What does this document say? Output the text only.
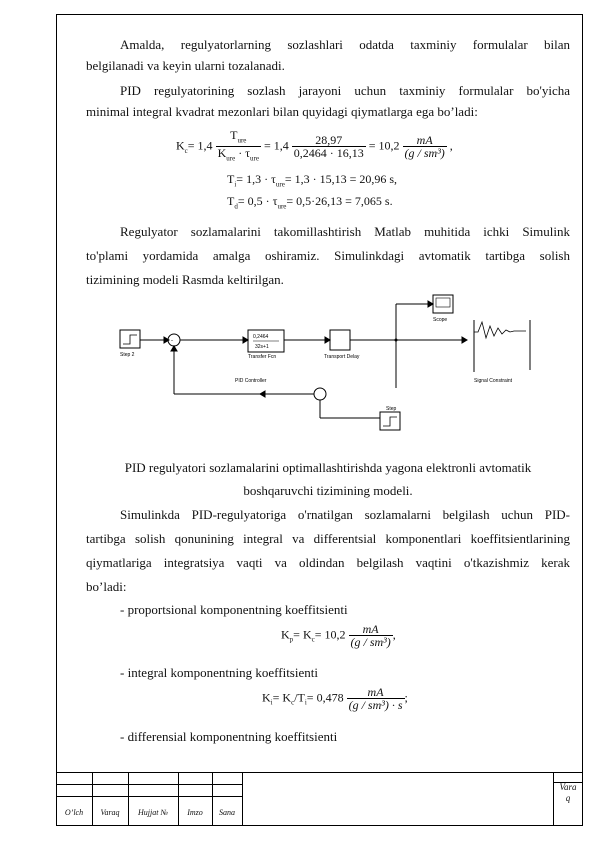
Amalda, regulyatorlarning sozlashlari odatda taxminiy formulalar bilan
belgilanadi va keyin ularni tozalanadi.
PID regulyatorining sozlash jarayoni uchun taxminiy formulalar bo'yicha
minimal integral kvadrat mezonlari bilan quyidagi qiymatlarga ega bo’ladi:
$K_c= 1,4 \frac{T_{ure}}{K_{ure} \cdot \tau_{ure}} = 1,4 \frac{28,97}{0,2464 \cdot 16,13} = 10,2 \frac{mA}{\text{(g / sm³)}}$ ,
$T_i= 1,3 \cdot \tau_{ure}= 1,3 \cdot 15,13 = 20,96$ s,
$T_d= 0,5 \cdot \tau_{ure}= 0,5\cdot 26,13 = 7,065$ s.
Regulyator sozlamalarini takomillashtirish Matlab muhitida ichki Simulink
to'plami yordamida amalga oshiramiz. Simulinkdagi avtomatik tartibga solish
tizimining modeli Rasmda keltirilgan.
Step 2
0,2464
32s+1
Transfer Fcn	Transport Delay
PID Controller
Scope
Signal Constraint
Step
-
PID regulyatori sozlamalarini optimallashtirishda yagona elektronli avtomatik
boshqaruvchi tizimining modeli.
Simulinkda PID-regulyatoriga o'rnatilgan sozlamalarni belgilash uchun PID-
tartibga solish qonunining integral va differentsial komponentlari koeffitsientlarining
qiymatlariga integratsiya vaqti va oldindan belgilash vaqtini o'tkazishmiz kerak
bo’ladi:
- proportsional komponentning koeffitsienti
$K_p= K_c= 10,2 \frac{mA}{\text{(g / sm³)}}$ ,
- integral komponentning koeffitsienti
$K_i= K_c/T_i= 0,478 \frac{mA}{\text{(g / sm³) · s}}$ ;
- differensial komponentning koeffitsienti
O’lch	Varaq	Hujjat №	Imzo	Sana
Vara
q
